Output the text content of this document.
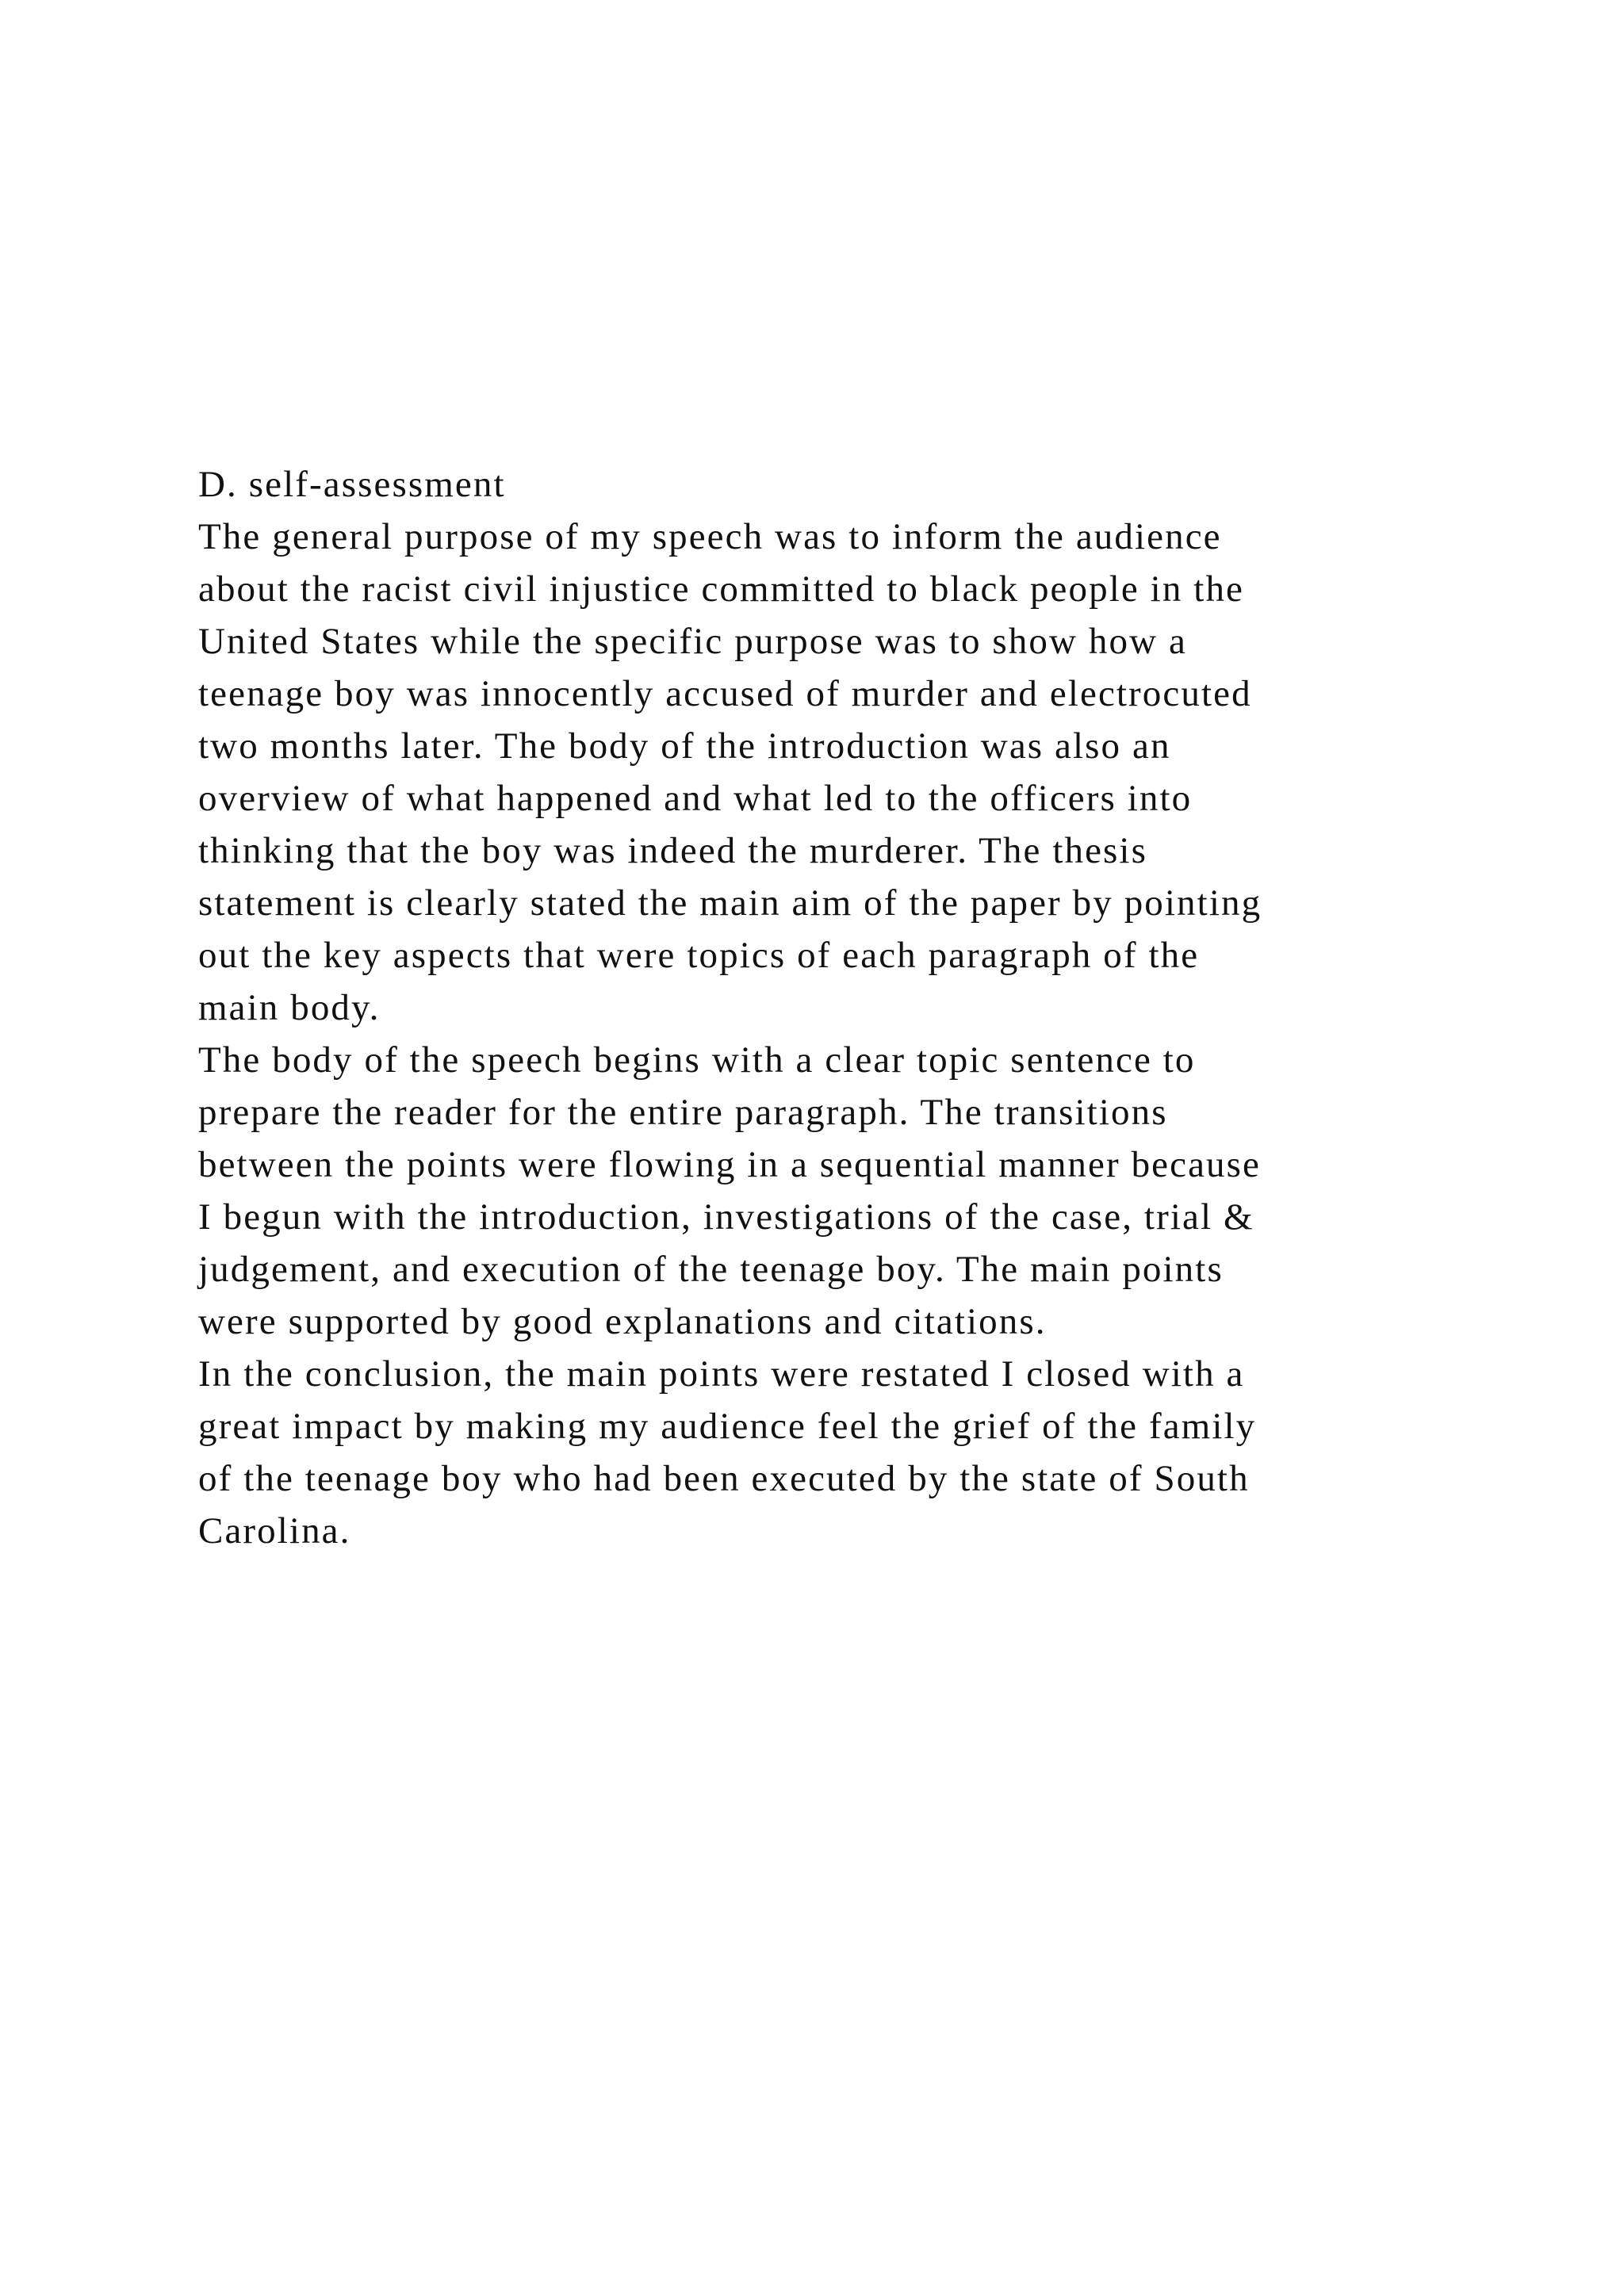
D. self-assessment
The general purpose of my speech was to inform the audience
about the racist civil injustice committed to black people in the
United States while the specific purpose was to show how a
teenage boy was innocently accused of murder and electrocuted
two months later. The body of the introduction was also an
overview of what happened and what led to the officers into
thinking that the boy was indeed the murderer. The thesis
statement is clearly stated the main aim of the paper by pointing
out the key aspects that were topics of each paragraph of the
main body.
The body of the speech begins with a clear topic sentence to
prepare the reader for the entire paragraph. The transitions
between the points were flowing in a sequential manner because
I begun with the introduction, investigations of the case, trial &
judgement, and execution of the teenage boy. The main points
were supported by good explanations and citations.
In the conclusion, the main points were restated I closed with a
great impact by making my audience feel the grief of the family
of the teenage boy who had been executed by the state of South
Carolina.
